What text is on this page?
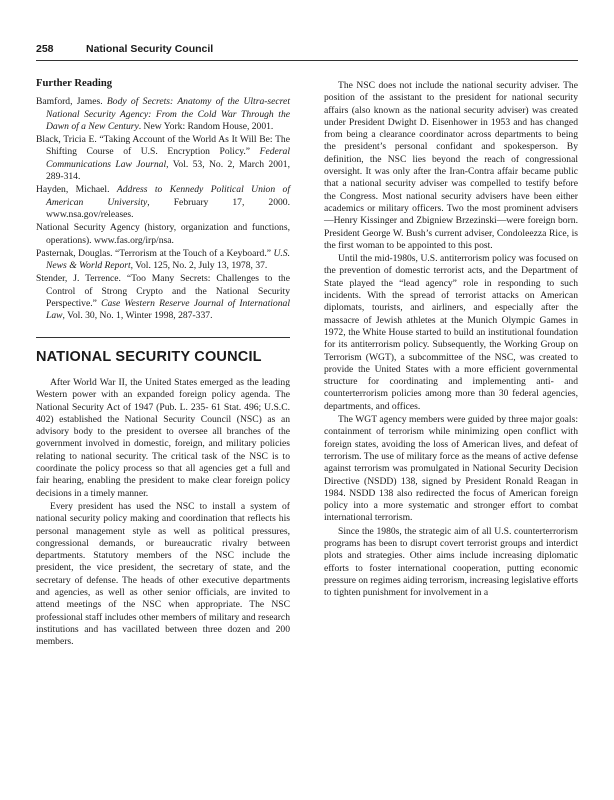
258	National Security Council
Further Reading
Bamford, James. Body of Secrets: Anatomy of the Ultra-secret National Security Agency: From the Cold War Through the Dawn of a New Century. New York: Random House, 2001.
Black, Tricia E. “Taking Account of the World As It Will Be: The Shifting Course of U.S. Encryption Policy.” Federal Communications Law Journal, Vol. 53, No. 2, March 2001, 289-314.
Hayden, Michael. Address to Kennedy Political Union of American University, February 17, 2000. www.nsa.gov/releases.
National Security Agency (history, organization and functions, operations). www.fas.org/irp/nsa.
Pasternak, Douglas. “Terrorism at the Touch of a Keyboard.” U.S. News & World Report, Vol. 125, No. 2, July 13, 1978, 37.
Stender, J. Terrence. “Too Many Secrets: Challenges to the Control of Strong Crypto and the National Security Perspective.” Case Western Reserve Journal of International Law, Vol. 30, No. 1, Winter 1998, 287-337.
NATIONAL SECURITY COUNCIL

After World War II, the United States emerged as the leading Western power with an expanded foreign policy agenda. The National Security Act of 1947 (Pub. L. 235- 61 Stat. 496; U.S.C. 402) established the National Security Council (NSC) as an advisory body to the president to oversee all branches of the government involved in domestic, foreign, and military policies relating to national security. The critical task of the NSC is to coordinate the policy process so that all agencies get a full and fair hearing, enabling the president to make clear foreign policy decisions in a timely manner.

Every president has used the NSC to install a system of national security policy making and coordination that reflects his personal management style as well as political pressures, congressional demands, or bureaucratic rivalry between departments. Statutory members of the NSC include the president, the vice president, the secretary of state, and the secretary of defense. The heads of other executive departments and agencies, as well as other senior officials, are invited to attend meetings of the NSC when appropriate. The NSC professional staff includes other members of military and research institutions and has vacillated between three dozen and 200 members.

The NSC does not include the national security adviser. The position of the assistant to the president for national security affairs (also known as the national security adviser) was created under President Dwight D. Eisenhower in 1953 and has changed from being a clearance coordinator across departments to being the president’s personal confidant and spokesperson. By definition, the NSC lies beyond the reach of congressional oversight. It was only after the Iran-Contra affair became public that a national security adviser was compelled to testify before the Congress. Most national security advisers have been either academics or military officers. Two the most prominent advisers—Henry Kissinger and Zbigniew Brzezinski—were foreign born. President George W. Bush’s current adviser, Condoleezza Rice, is the first woman to be appointed to this post.

Until the mid-1980s, U.S. antiterrorism policy was focused on the prevention of domestic terrorist acts, and the Department of State played the “lead agency” role in responding to such incidents. With the spread of terrorist attacks on American diplomats, tourists, and airliners, and especially after the massacre of Jewish athletes at the Munich Olympic Games in 1972, the White House started to build an institutional foundation for its antiterrorism policy. Subsequently, the Working Group on Terrorism (WGT), a subcommittee of the NSC, was created to provide the United States with a more efficient governmental structure for coordinating and implementing anti- and counterterrorism policies among more than 30 federal agencies, departments, and offices.

The WGT agency members were guided by three major goals: containment of terrorism while minimizing open conflict with foreign states, avoiding the loss of American lives, and defeat of terrorism. The use of military force as the means of active defense against terrorism was promulgated in National Security Decision Directive (NSDD) 138, signed by President Ronald Reagan in 1984. NSDD 138 also redirected the focus of American foreign policy into a more systematic and stronger effort to combat international terrorism.

Since the 1980s, the strategic aim of all U.S. counterterrorism programs has been to disrupt covert terrorist groups and interdict plots and strategies. Other aims include increasing diplomatic efforts to foster international cooperation, putting economic pressure on regimes aiding terrorism, increasing legislative efforts to tighten punishment for involvement in a
